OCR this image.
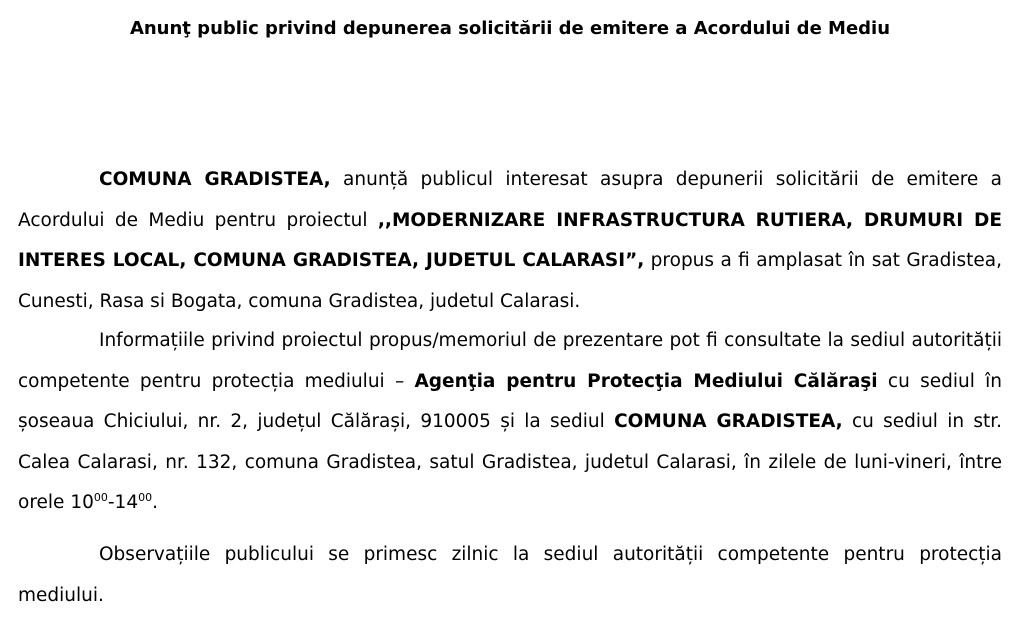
Anunţ public privind depunerea solicitării de emitere a Acordului de Mediu

COMUNA GRADISTEA, anunță publicul interesat asupra depunerii solicitării de emitere a Acordului de Mediu pentru proiectul ,,MODERNIZARE INFRASTRUCTURA RUTIERA, DRUMURI DE INTERES LOCAL, COMUNA GRADISTEA, JUDETUL CALARASI”, propus a fi amplasat în sat Gradistea, Cunesti, Rasa si Bogata, comuna Gradistea, judetul Calarasi.

Informațiile privind proiectul propus/memoriul de prezentare pot fi consultate la sediul autorității competente pentru protecția mediului – Agenţia pentru Protecţia Mediului Călăraşi cu sediul în șoseaua Chiciului, nr. 2, județul Călărași, 910005 și la sediul COMUNA GRADISTEA, cu sediul in str. Calea Calarasi, nr. 132, comuna Gradistea, satul Gradistea, judetul Calarasi, în zilele de luni-vineri, între orele $10^{00}-14^{00}$.

Observațiile publicului se primesc zilnic la sediul autorității competente pentru protecția mediului.
